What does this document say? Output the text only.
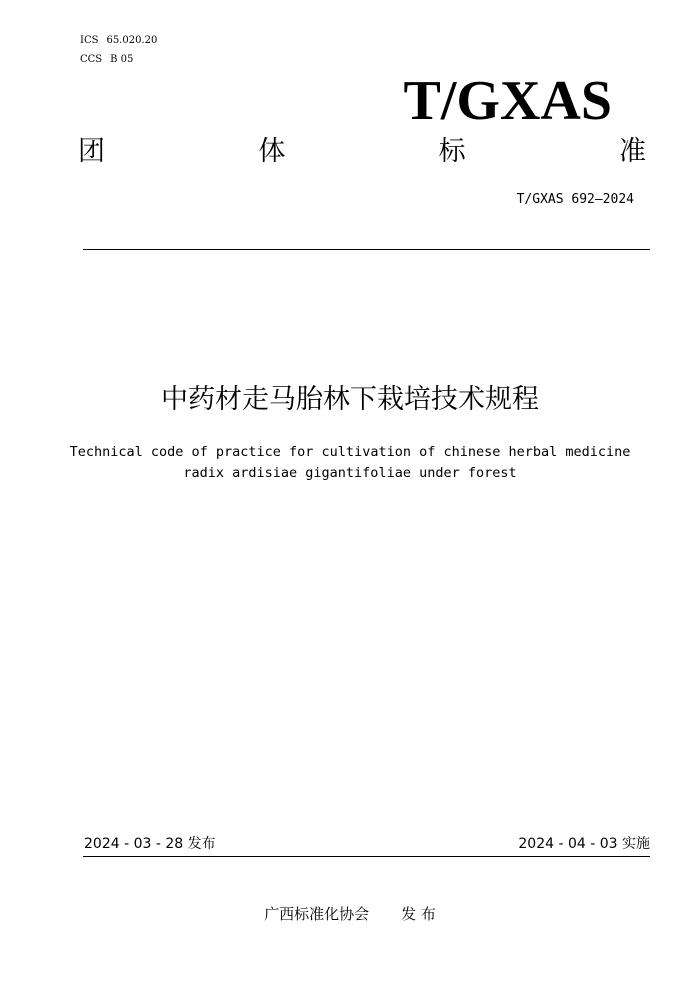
ICS 65.020.20
CCS B 05
T/GXAS
团	体	标	准
T/GXAS 692—2024
中药材走马胎林下栽培技术规程
Technical code of practice for cultivation of chinese herbal medicine
radix ardisiae gigantifoliae under forest
2024 - 03 - 28 发布	2024 - 04 - 03 实施
广西标准化协会 发 布
